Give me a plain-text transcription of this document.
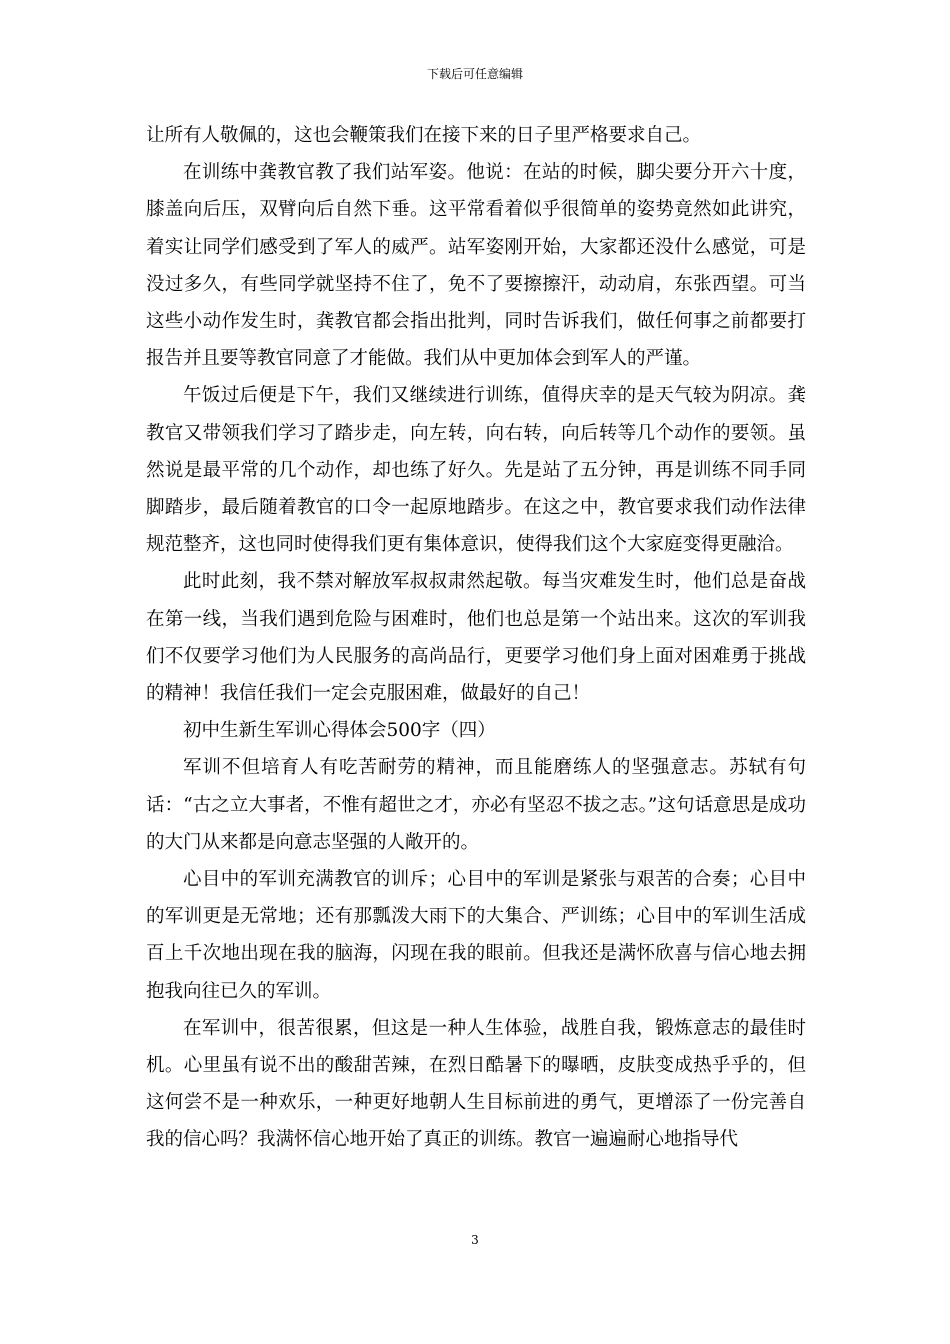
下载后可任意编辑

让所有人敬佩的，这也会鞭策我们在接下来的日子里严格要求自己。

在训练中龚教官教了我们站军姿。他说：在站的时候，脚尖要分开六十度，膝盖向后压，双臂向后自然下垂。这平常看着似乎很简单的姿势竟然如此讲究，着实让同学们感受到了军人的威严。站军姿刚开始，大家都还没什么感觉，可是没过多久，有些同学就坚持不住了，免不了要擦擦汗，动动肩，东张西望。可当这些小动作发生时，龚教官都会指出批判，同时告诉我们，做任何事之前都要打报告并且要等教官同意了才能做。我们从中更加体会到军人的严谨。

午饭过后便是下午，我们又继续进行训练，值得庆幸的是天气较为阴凉。龚教官又带领我们学习了踏步走，向左转，向右转，向后转等几个动作的要领。虽然说是最平常的几个动作，却也练了好久。先是站了五分钟，再是训练不同手同脚踏步，最后随着教官的口令一起原地踏步。在这之中，教官要求我们动作法律规范整齐，这也同时使得我们更有集体意识，使得我们这个大家庭变得更融洽。

此时此刻，我不禁对解放军叔叔肃然起敬。每当灾难发生时，他们总是奋战在第一线，当我们遇到危险与困难时，他们也总是第一个站出来。这次的军训我们不仅要学习他们为人民服务的高尚品行，更要学习他们身上面对困难勇于挑战的精神！我信任我们一定会克服困难，做最好的自己！

初中生新生军训心得体会500字（四）

军训不但培育人有吃苦耐劳的精神，而且能磨练人的坚强意志。苏轼有句话：“古之立大事者，不惟有超世之才，亦必有坚忍不拔之志。”这句话意思是成功的大门从来都是向意志坚强的人敞开的。

心目中的军训充满教官的训斥；心目中的军训是紧张与艰苦的合奏；心目中的军训更是无常地；还有那瓢泼大雨下的大集合、严训练；心目中的军训生活成百上千次地出现在我的脑海，闪现在我的眼前。但我还是满怀欣喜与信心地去拥抱我向往已久的军训。

在军训中，很苦很累，但这是一种人生体验，战胜自我，锻炼意志的最佳时机。心里虽有说不出的酸甜苦辣，在烈日酷暑下的曝晒，皮肤变成热乎乎的，但这何尝不是一种欢乐，一种更好地朝人生目标前进的勇气，更增添了一份完善自我的信心吗？我满怀信心地开始了真正的训练。教官一遍遍耐心地指导代

3
